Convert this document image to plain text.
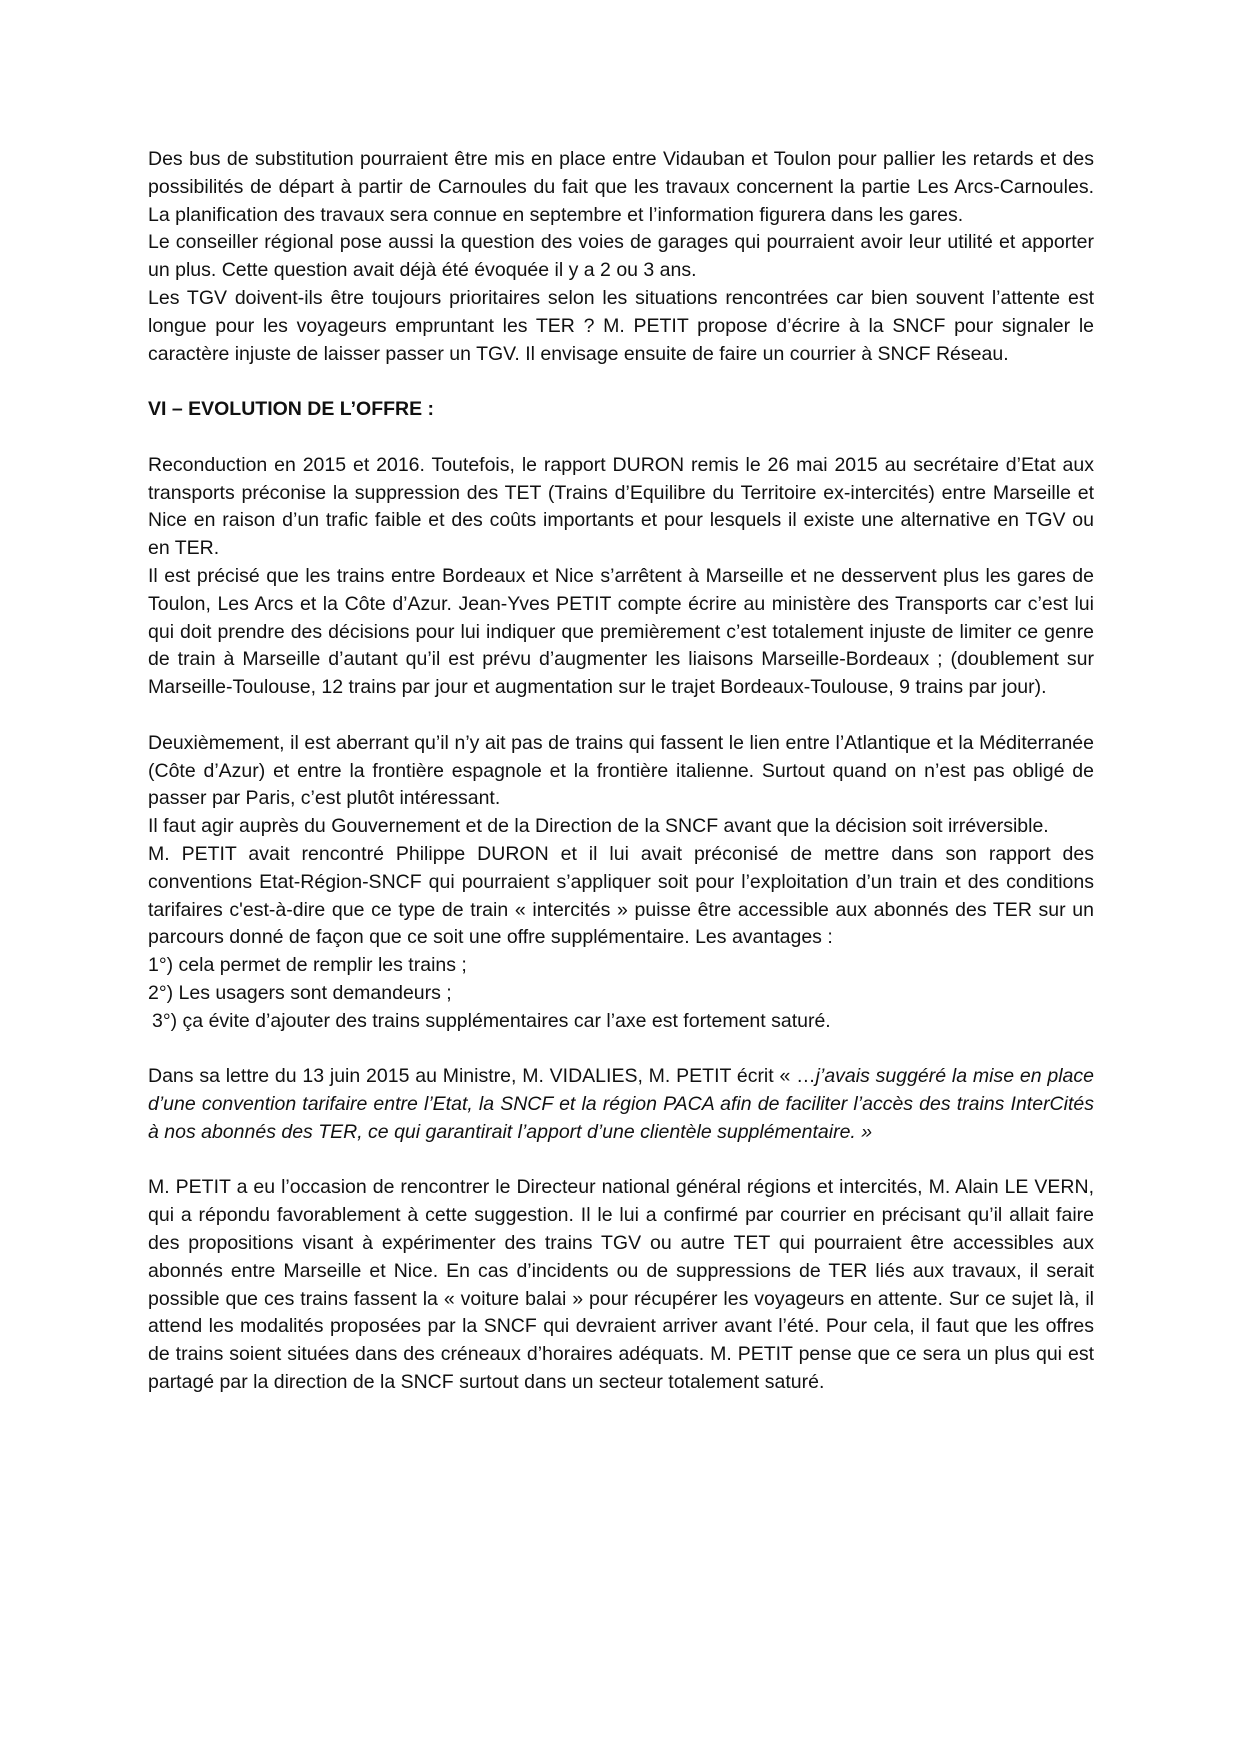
Des bus de substitution pourraient être mis en place entre Vidauban et Toulon pour pallier les retards et des possibilités de départ à partir de Carnoules du fait que les travaux concernent la partie Les Arcs-Carnoules. La planification des travaux sera connue en septembre et l’information figurera dans les gares.

Le conseiller régional pose aussi la question des voies de garages qui pourraient avoir leur utilité et apporter un plus. Cette question avait déjà été évoquée il y a 2 ou 3 ans.

Les TGV doivent-ils être toujours prioritaires selon les situations rencontrées car bien souvent l’attente est longue pour les voyageurs empruntant les TER ? M. PETIT propose d’écrire à la SNCF pour signaler le caractère injuste de laisser passer un TGV. Il envisage ensuite de faire un courrier à SNCF Réseau.

VI – EVOLUTION DE L’OFFRE :

Reconduction en 2015 et 2016. Toutefois, le rapport DURON remis le 26 mai 2015 au secrétaire d’Etat aux transports préconise la suppression des TET (Trains d’Equilibre du Territoire ex-intercités) entre Marseille et Nice en raison d’un trafic faible et des coûts importants et pour lesquels il existe une alternative en TGV ou en TER.

Il est précisé que les trains entre Bordeaux et Nice s’arrêtent à Marseille et ne desservent plus les gares de Toulon, Les Arcs et la Côte d’Azur. Jean-Yves PETIT compte écrire au ministère des Transports car c’est lui qui doit prendre des décisions pour lui indiquer que premièrement c’est totalement injuste de limiter ce genre de train à Marseille d’autant qu’il est prévu d’augmenter les liaisons Marseille-Bordeaux ; (doublement sur Marseille-Toulouse, 12 trains par jour et augmentation sur le trajet Bordeaux-Toulouse, 9 trains par jour).

Deuxièmement, il est aberrant qu’il n’y ait pas de trains qui fassent le lien entre l’Atlantique et la Méditerranée (Côte d’Azur) et entre la frontière espagnole et la frontière italienne. Surtout quand on n’est pas obligé de passer par Paris, c’est plutôt intéressant.

Il faut agir auprès du Gouvernement et de la Direction de la SNCF avant que la décision soit irréversible.

M. PETIT avait rencontré Philippe DURON et il lui avait préconisé de mettre dans son rapport des conventions Etat-Région-SNCF qui pourraient s’appliquer soit pour l’exploitation d’un train et des conditions tarifaires c'est-à-dire que ce type de train « intercités » puisse être accessible aux abonnés des TER sur un parcours donné de façon que ce soit une offre supplémentaire. Les avantages :

1°) cela permet de remplir les trains ;

2°) Les usagers sont demandeurs ;

3°) ça évite d’ajouter des trains supplémentaires car l’axe est fortement saturé.

Dans sa lettre du 13 juin 2015 au Ministre, M. VIDALIES, M. PETIT écrit « …j’avais suggéré la mise en place d’une convention tarifaire entre l’Etat, la SNCF et la région PACA afin de faciliter l’accès des trains InterCités à nos abonnés des TER, ce qui garantirait l’apport d’une clientèle supplémentaire. »

M. PETIT a eu l’occasion de rencontrer le Directeur national général régions et intercités, M. Alain LE VERN, qui a répondu favorablement à cette suggestion. Il le lui a confirmé par courrier en précisant qu’il allait faire des propositions visant à expérimenter des trains TGV ou autre TET qui pourraient être accessibles aux abonnés entre Marseille et Nice. En cas d’incidents ou de suppressions de TER liés aux travaux, il serait possible que ces trains fassent la « voiture balai » pour récupérer les voyageurs en attente. Sur ce sujet là, il attend les modalités proposées par la SNCF qui devraient arriver avant l’été. Pour cela, il faut que les offres de trains soient situées dans des créneaux d’horaires adéquats. M. PETIT pense que ce sera un plus qui est partagé par la direction de la SNCF surtout dans un secteur totalement saturé.
